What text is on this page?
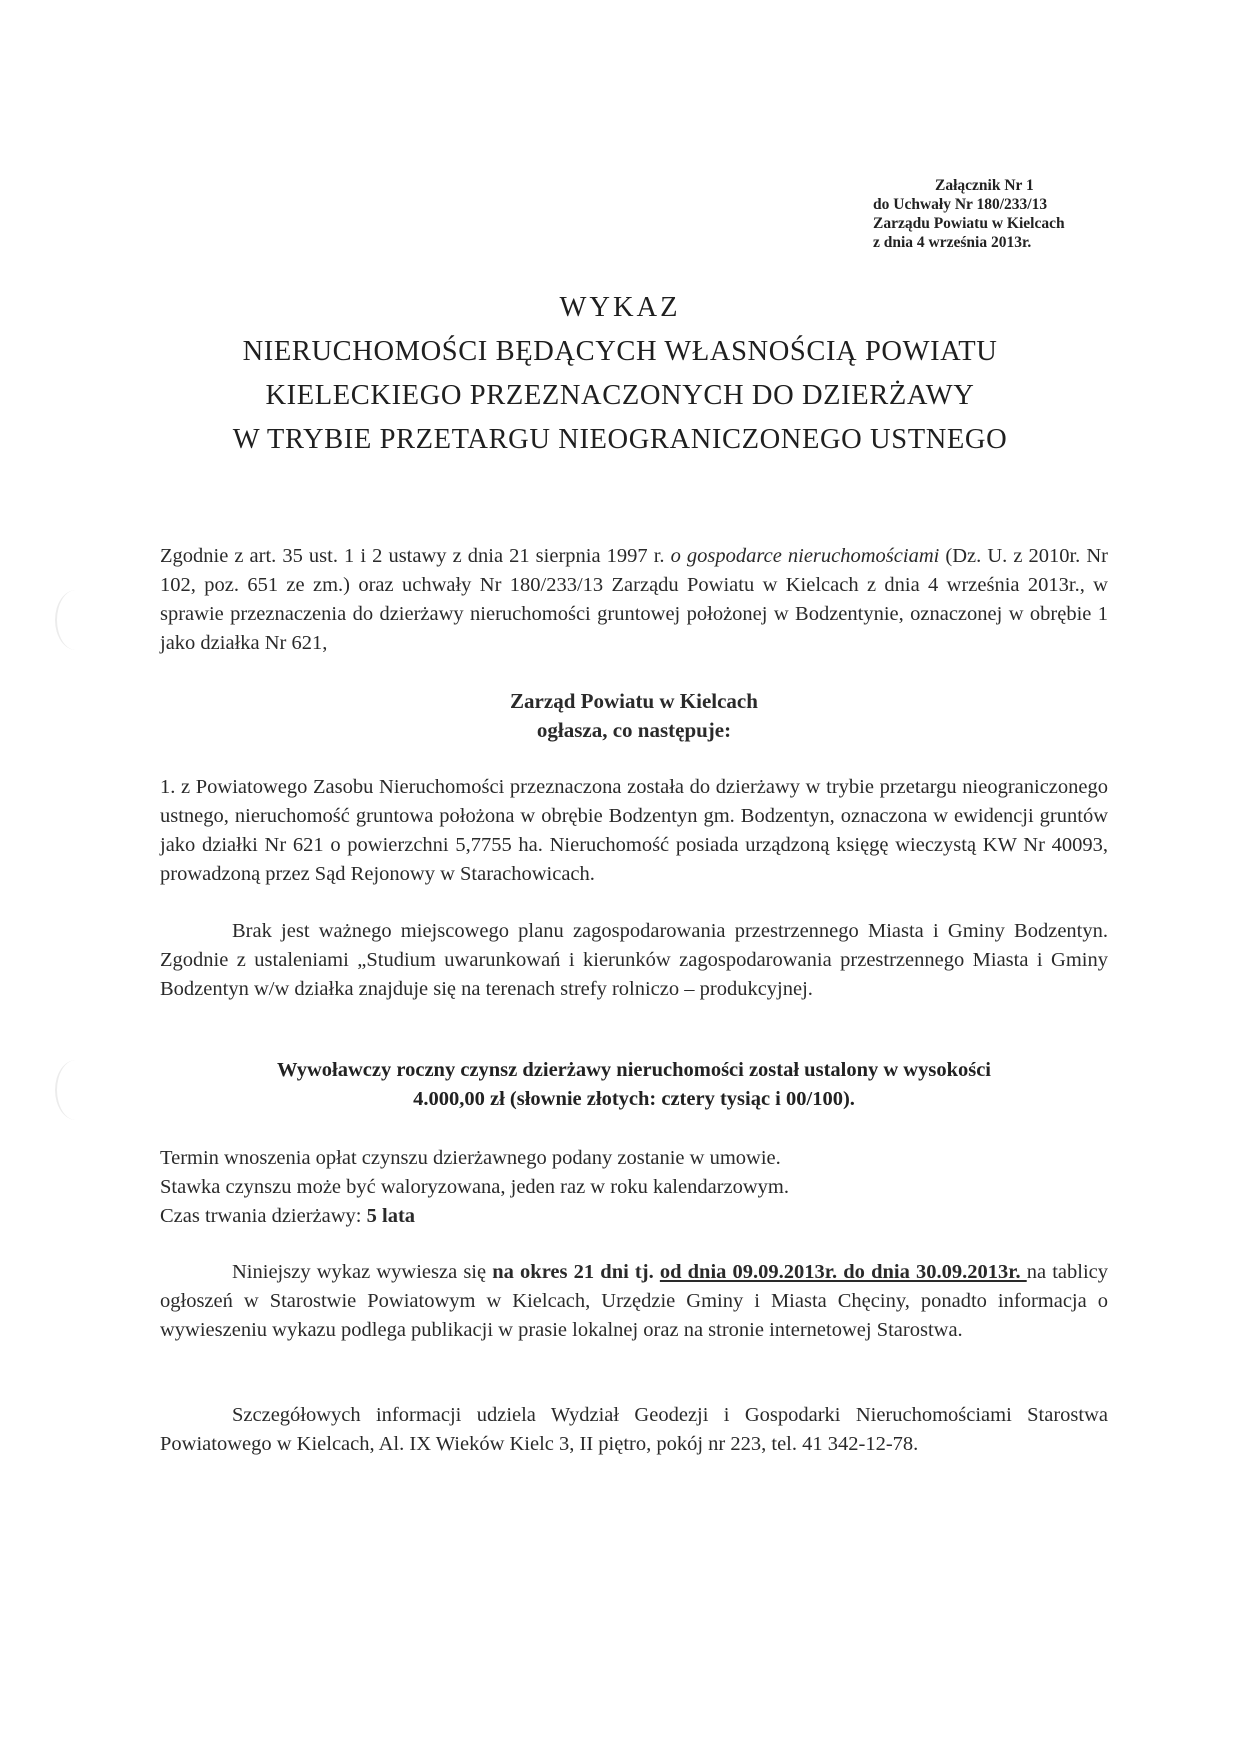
Załącznik Nr 1
do Uchwały Nr 180/233/13
Zarządu Powiatu w Kielcach
z dnia 4 września 2013r.
WYKAZ
NIERUCHOMOŚCI BĘDĄCYCH WŁASNOŚCIĄ POWIATU
KIELECKIEGO PRZEZNACZONYCH DO DZIERŻAWY
W TRYBIE PRZETARGU NIEOGRANICZONEGO USTNEGO
Zgodnie z art. 35 ust. 1 i 2 ustawy z dnia 21 sierpnia 1997 r. o gospodarce nieruchomościami (Dz. U. z 2010r. Nr 102, poz. 651 ze zm.) oraz uchwały Nr 180/233/13 Zarządu Powiatu w Kielcach z dnia 4 września 2013r., w sprawie przeznaczenia do dzierżawy nieruchomości gruntowej położonej w Bodzentynie, oznaczonej w obrębie 1 jako działka Nr 621,
Zarząd Powiatu w Kielcach
ogłasza, co następuje:
1. z Powiatowego Zasobu Nieruchomości przeznaczona została do dzierżawy w trybie przetargu nieograniczonego ustnego, nieruchomość gruntowa położona w obrębie Bodzentyn gm. Bodzentyn, oznaczona w ewidencji gruntów jako działki Nr 621 o powierzchni 5,7755 ha. Nieruchomość posiada urządzoną księgę wieczystą KW Nr 40093, prowadzoną przez Sąd Rejonowy w Starachowicach.
Brak jest ważnego miejscowego planu zagospodarowania przestrzennego Miasta i Gminy Bodzentyn. Zgodnie z ustaleniami „Studium uwarunkowań i kierunków zagospodarowania przestrzennego Miasta i Gminy Bodzentyn w/w działka znajduje się na terenach strefy rolniczo – produkcyjnej.
Wywoławczy roczny czynsz dzierżawy nieruchomości został ustalony w wysokości
4.000,00 zł (słownie złotych: cztery tysiąc i 00/100).
Termin wnoszenia opłat czynszu dzierżawnego podany zostanie w umowie.
Stawka czynszu może być waloryzowana, jeden raz w roku kalendarzowym.
Czas trwania dzierżawy: 5 lata
Niniejszy wykaz wywiesza się na okres 21 dni tj. od dnia 09.09.2013r. do dnia 30.09.2013r. na tablicy ogłoszeń w Starostwie Powiatowym w Kielcach, Urzędzie Gminy i Miasta Chęciny, ponadto informacja o wywieszeniu wykazu podlega publikacji w prasie lokalnej oraz na stronie internetowej Starostwa.
Szczegółowych informacji udziela Wydział Geodezji i Gospodarki Nieruchomościami Starostwa Powiatowego w Kielcach, Al. IX Wieków Kielc 3, II piętro, pokój nr 223, tel. 41 342-12-78.
